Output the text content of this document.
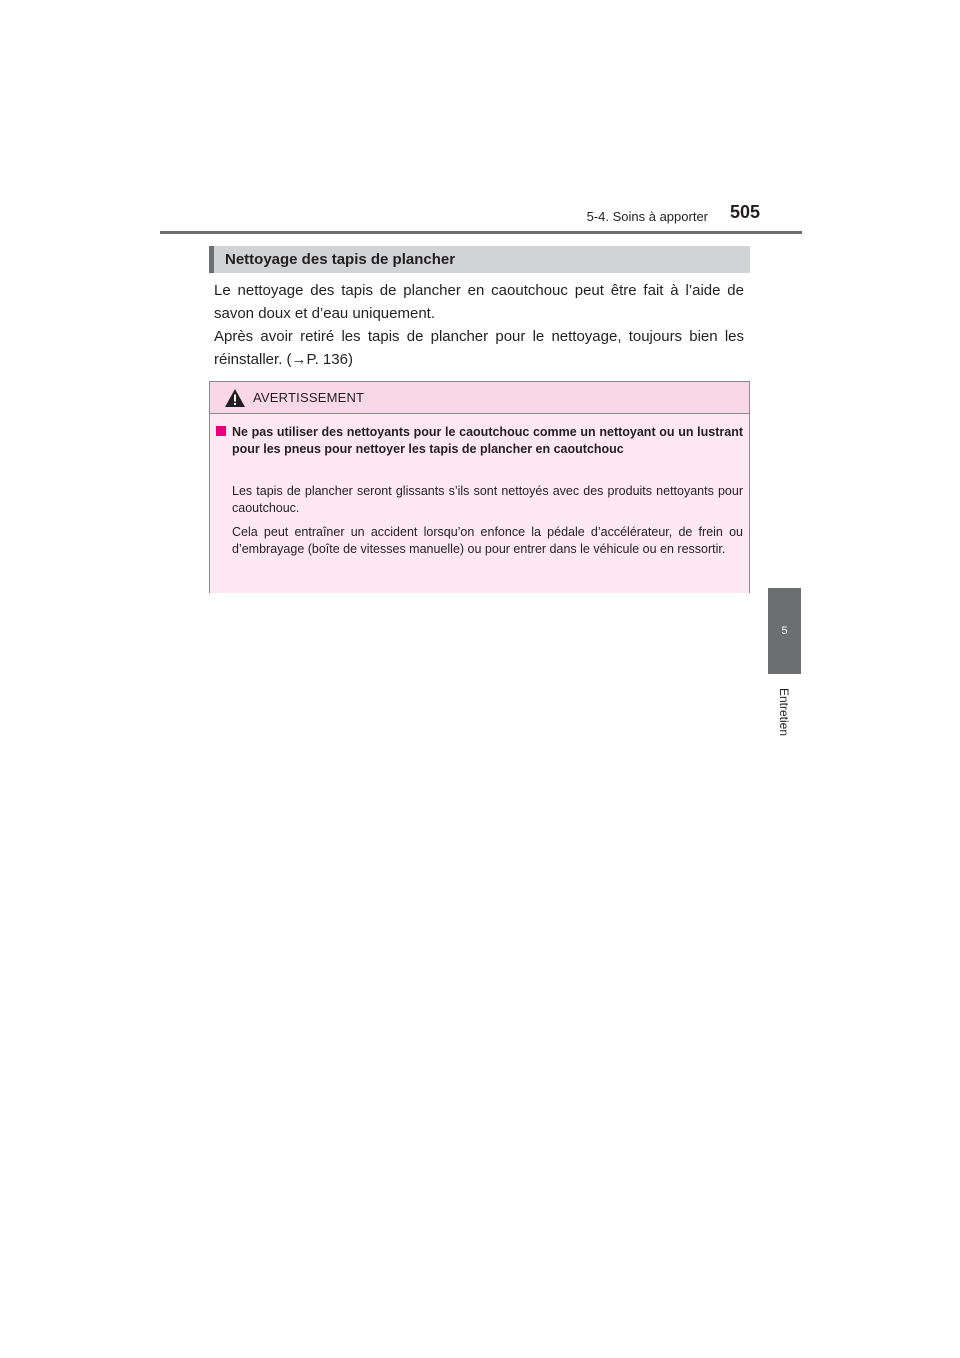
5-4. Soins à apporter 505
5
Entretien
Nettoyage des tapis de plancher

Le nettoyage des tapis de plancher en caoutchouc peut être fait à l’aide de savon doux et d’eau uniquement.

Après avoir retiré les tapis de plancher pour le nettoyage, toujours bien les réinstaller. (→P. 136)

AVERTISSEMENT

Ne pas utiliser des nettoyants pour le caoutchouc comme un nettoyant ou un lustrant pour les pneus pour nettoyer les tapis de plancher en caoutchouc

Les tapis de plancher seront glissants s’ils sont nettoyés avec des produits nettoyants pour caoutchouc.

Cela peut entraîner un accident lorsqu’on enfonce la pédale d’accélérateur, de frein ou d’embrayage (boîte de vitesses manuelle) ou pour entrer dans le véhicule ou en ressortir.
